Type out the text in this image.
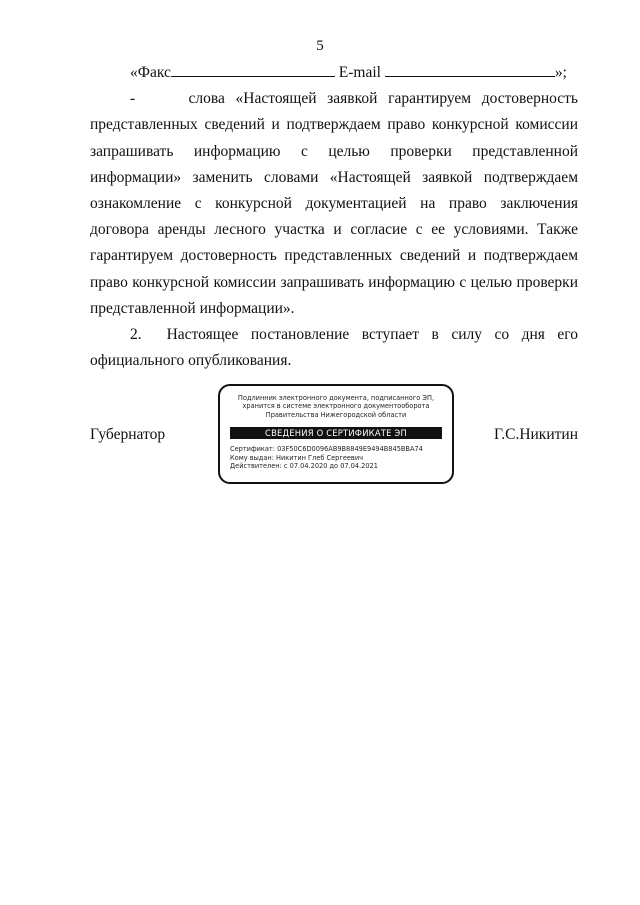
5
«Факс	E-mail	»;

-     слова «Настоящей заявкой гарантируем достоверность представленных сведений и подтверждаем право конкурсной комиссии запрашивать информацию с целью проверки представленной информации» заменить словами «Настоящей заявкой подтверждаем ознакомление с конкурсной документацией на право заключения договора аренды лесного участка и согласие с ее условиями. Также гарантируем достоверность представленных сведений и подтверждаем право конкурсной комиссии запрашивать информацию с целью проверки представленной информации».

2.  Настоящее постановление вступает в силу со дня его официального опубликования.

Губернатор
Подлинник электронного документа, подписанного ЭП,
хранится в системе электронного документооборота
Правительства Нижегородской области
СВЕДЕНИЯ О СЕРТИФИКАТЕ ЭП
Сертификат: 03F50C6D0096AB9B8849E9494B845BBA74
Кому выдан: Никитин Глеб Сергеевич
Действителен: с 07.04.2020 до 07.04.2021
Г.С.Никитин
